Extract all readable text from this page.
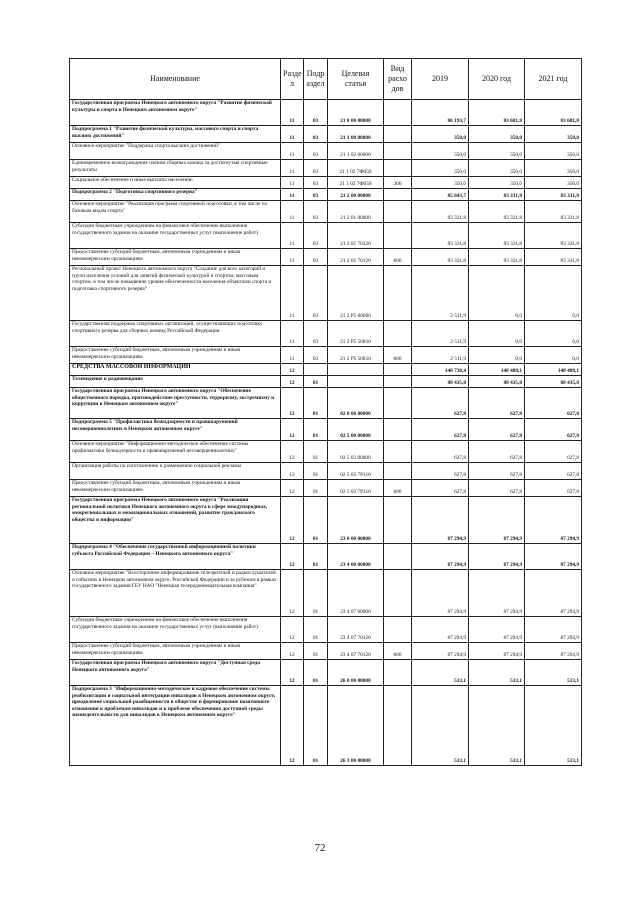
Наименование	Разде л	Подр аздел	Целевая статья	Вид расхо дов	2019	2020 год	2021 год
Государственная программа Ненецкого автономного округа "Развитие физической культуры и спорта в Ненецком автономном округе"	11	03	21 0 00 00000		86 193,7	83 681,8	83 681,8
Подпрограмма 1 "Развитие физической культуры, массового спорта и спорта высших достижений"	11	03	21 1 00 00000		350,0	350,0	350,0
Основное мероприятие "Поддержка спорта высших достижений"	11	03	21 1 02 00000		350,0	350,0	350,0
Единовременное вознаграждение членам сборных команд за достигнутые спортивные результаты	11	03	21 1 02 7Ф050		350,0	350,0	350,0
Социальное обеспечение и иные выплаты населению	11	03	21 1 02 7Ф050	300	350,0	350,0	350,0
Подпрограмма 2 "Подготовка спортивного резерва"	11	03	21 2 00 00000		85 843,7	83 331,8	83 331,8
Основное мероприятие "Реализация программ спортивной подготовки, в том числе по базовым видам спорта"	11	03	21 2 01 00000		83 331,8	83 331,8	83 331,8
Субсидии бюджетным учреждениям на финансовое обеспечение выполнения государственного задания на оказание государственных услуг (выполнение работ)	11	03	21 2 01 70120		83 331,8	83 331,8	83 331,8
Предоставление субсидий бюджетным, автономным учреждениям и иным некоммерческим организациям	11	03	21 2 01 70120	600	83 331,8	83 331,8	83 331,8
Региональный проект Ненецкого автономного округа "Создание для всех категорий и групп населения условий для занятий физической культурой и спортом, массовым спортом, в том числе повышение уровня обеспеченности населения объектами спорта и подготовка спортивного резерва"	11	03	21 2 P5 00000		2 511,9	0,0	0,0
Государственная поддержка спортивных организаций, осуществляющих подготовку спортивного резерва для сборных команд Российской Федерации	11	03	21 2 P5 50810		2 511,9	0,0	0,0
Предоставление субсидий бюджетным, автономным учреждениям и иным некоммерческим организациям	11	03	21 2 P5 50810	600	2 511,9	0,0	0,0
СРЕДСТВА МАССОВОЙ ИНФОРМАЦИИ	12				148 738,4	148 488,1	148 488,1
Телевидение и радиовещание	12	01			88 435,8	88 435,8	88 435,8
Государственная программа Ненецкого автономного округа "Обеспечение общественного порядка, противодействие преступности, терроризму, экстремизму и коррупции в Ненецком автономном округе"	12	01	02 0 00 00000		627,8	627,8	627,8
Подпрограмма 5 "Профилактика безнадзорности и правонарушений несовершеннолетних в Ненецком автономном округе"	12	01	02 5 00 00000		627,8	627,8	627,8
Основное мероприятие "Информационно-методическое обеспечение системы профилактики безнадзорности и правонарушений несовершеннолетних"	12	01	02 5 03 00000		627,8	627,8	627,8
Организация работы по изготовлению и размещению социальной рекламы	12	01	02 5 03 7Р110		627,8	627,8	627,8
Предоставление субсидий бюджетным, автономным учреждениям и иным некоммерческим организациям	12	01	02 5 03 7Р110	600	627,8	627,8	627,8
Государственная программа Ненецкого автономного округа "Реализация региональной политики Ненецкого автономного округа в сфере международных, межрегиональных и межнациональных отношений, развитие гражданского общества и информации"	12	01	23 0 00 00000		87 294,9	87 294,9	87 294,9
Подпрограмма 4 "Обеспечение государственной информационной политики субъекта Российской Федерации – Ненецкого автономного округа"	12	01	23 4 00 00000		87 294,9	87 294,9	87 294,9
Основное мероприятие "Всестороннее информирование телезрителей и радиослушателей о событиях в Ненецком автономном округе, Российской Федерации и за рубежом в рамках государственного задания ГБУ НАО "Ненецкая телерадиовещательная компания"	12	01	23 4 07 00000		87 294,9	87 294,9	87 294,9
Субсидии бюджетным учреждениям на финансовое обеспечение выполнения государственного задания на оказание государственных услуг (выполнение работ)	12	01	23 4 07 70120		87 294,9	87 294,9	87 294,9
Предоставление субсидий бюджетным, автономным учреждениям и иным некоммерческим организациям	12	01	23 4 07 70120	600	87 294,9	87 294,9	87 294,9
Государственная программа Ненецкого автономного округа "Доступная среда Ненецкого автономного округа"	12	01	26 0 00 00000		513,1	513,1	513,1
Подпрограмма 3 "Информационно-методическое и кадровое обеспечение системы реабилитации и социальной интеграции инвалидов в Ненецком автономном округе, преодоление социальной разобщенности в обществе и формирование позитивного отношения к проблемам инвалидов и к проблеме обеспечения доступной среды жизнедеятельности для инвалидов в Ненецком автономном округе"	12	01	26 3 00 00000		513,1	513,1	513,1
72
